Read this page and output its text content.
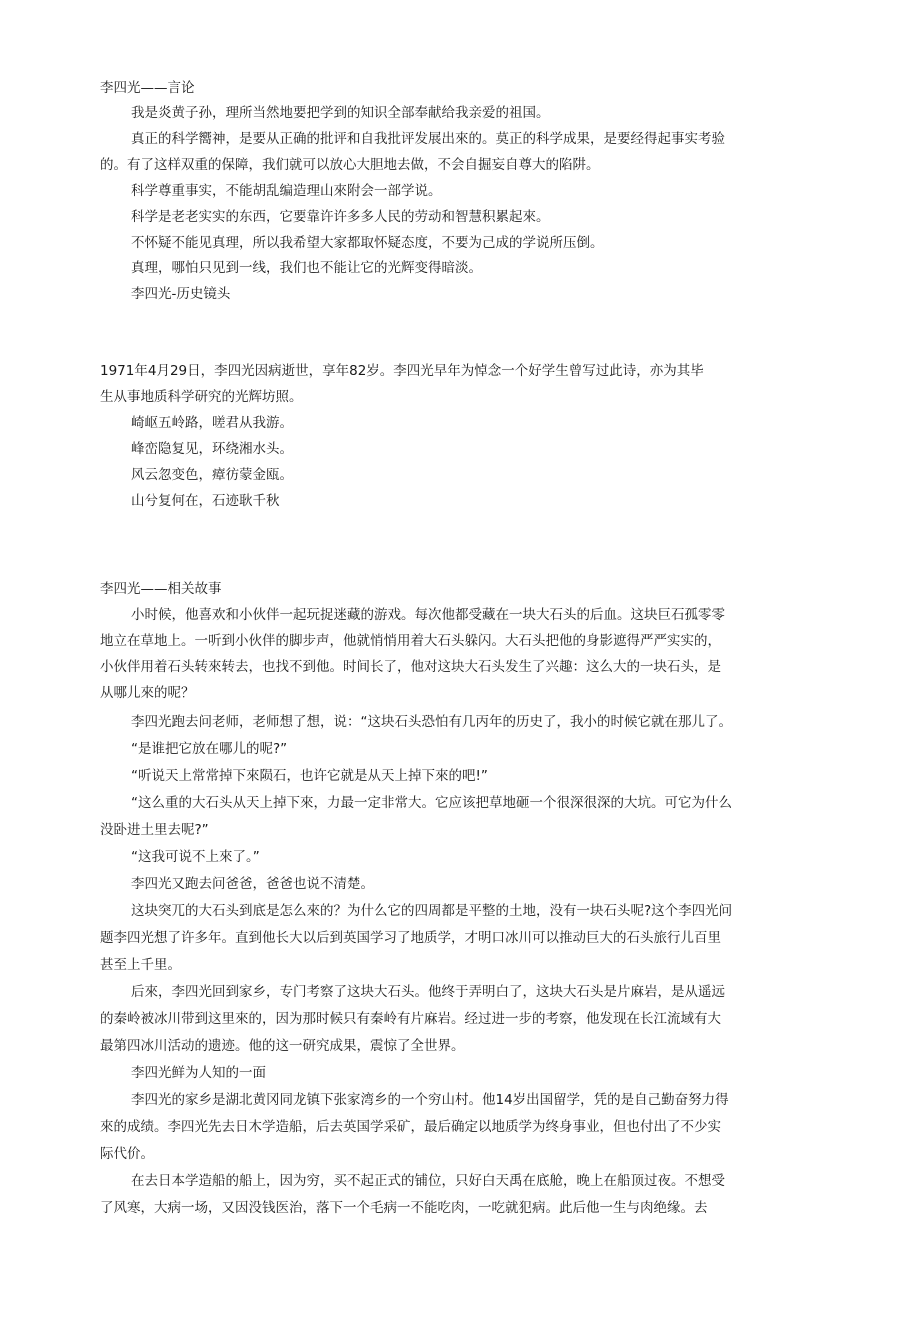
李四光——言论
我是炎黄子孙，理所当然地要把学到的知识全部奉献给我亲爱的祖国。
真正的科学嚮神，是要从正确的批评和自我批评发展出來的。莫正的科学成果，是要经得起事实考验
的。有了这样双重的保障，我们就可以放心大胆地去做，不会自掘妄自尊大的陷阱。
科学尊重事实，不能胡乱编造理山來附会一部学说。
科学是老老实实的东西，它要靠许许多多人民的劳动和智慧积累起來。
不怀疑不能见真理，所以我希望大家都取怀疑态度，不要为己成的学说所压倒。
真理，哪怕只见到一线，我们也不能让它的光辉变得暗淡。
李四光-历史镜头
1971年4月29日，李四光因病逝世，享年82岁。李四光早年为悼念一个好学生曾写过此诗，亦为其毕
生从事地质科学研究的光辉坊照。
崎岖五岭路，嗟君从我游。
峰峦隐复见，环绕湘水头。
风云忽变色，瘴彷蒙金瓯。
山兮复何在，石迹耿千秋
李四光——相关故事
小时候，他喜欢和小伙伴一起玩捉迷藏的游戏。每次他都受藏在一块大石头的后血。这块巨石孤零零
地立在草地上。一听到小伙伴的脚步声，他就悄悄用着大石头躲闪。大石头把他的身影遮得严严实实的，
小伙伴用着石头转來转去，也找不到他。时间长了，他对这块大石头发生了兴趣：这么大的一块石头，是
从哪儿來的呢？
李四光跑去问老师，老师想了想，说：“这块石头恐怕有几丙年的历史了，我小的时候它就在那儿了。
“是谁把它放在哪儿的呢?”
“听说天上常常掉下來陨石，也许它就是从天上掉下來的吧!”
“这么重的大石头从天上掉下來，力最一定非常大。它应该把草地砸一个很深很深的大坑。可它为什么
没卧进土里去呢?”
“这我可说不上來了。”
李四光又跑去问爸爸，爸爸也说不清楚。
这块突兀的大石头到底是怎么來的？为什么它的四周都是平整的土地，没有一块石头呢?这个李四光问
题李四光想了许多年。直到他长大以后到英国学习了地质学，才明口冰川可以推动巨大的石头旅行儿百里
甚至上千里。
后來，李四光回到家乡，专门考察了这块大石头。他终于弄明白了，这块大石头是片麻岩，是从遥远
的秦岭被冰川带到这里來的，因为那时候只有秦岭有片麻岩。经过进一步的考察，他发现在长江流域有大
最第四冰川活动的遗迹。他的这一研究成果，震惊了全世界。
李四光鲜为人知的一面
李四光的家乡是湖北黄冈同龙镇下张家湾乡的一个穷山村。他14岁出国留学，凭的是自己勤奋努力得
來的成绩。李四光先去日木学造船，后去英国学采矿，最后确定以地质学为终身事业，但也付出了不少实
际代价。
在去日本学造船的船上，因为穷，买不起正式的铺位，只好白天禹在底舱，晚上在船顶过夜。不想受
了风寒，大病一场，又因没钱医治，落下一个毛病一不能吃肉，一吃就犯病。此后他一生与肉绝缘。去
